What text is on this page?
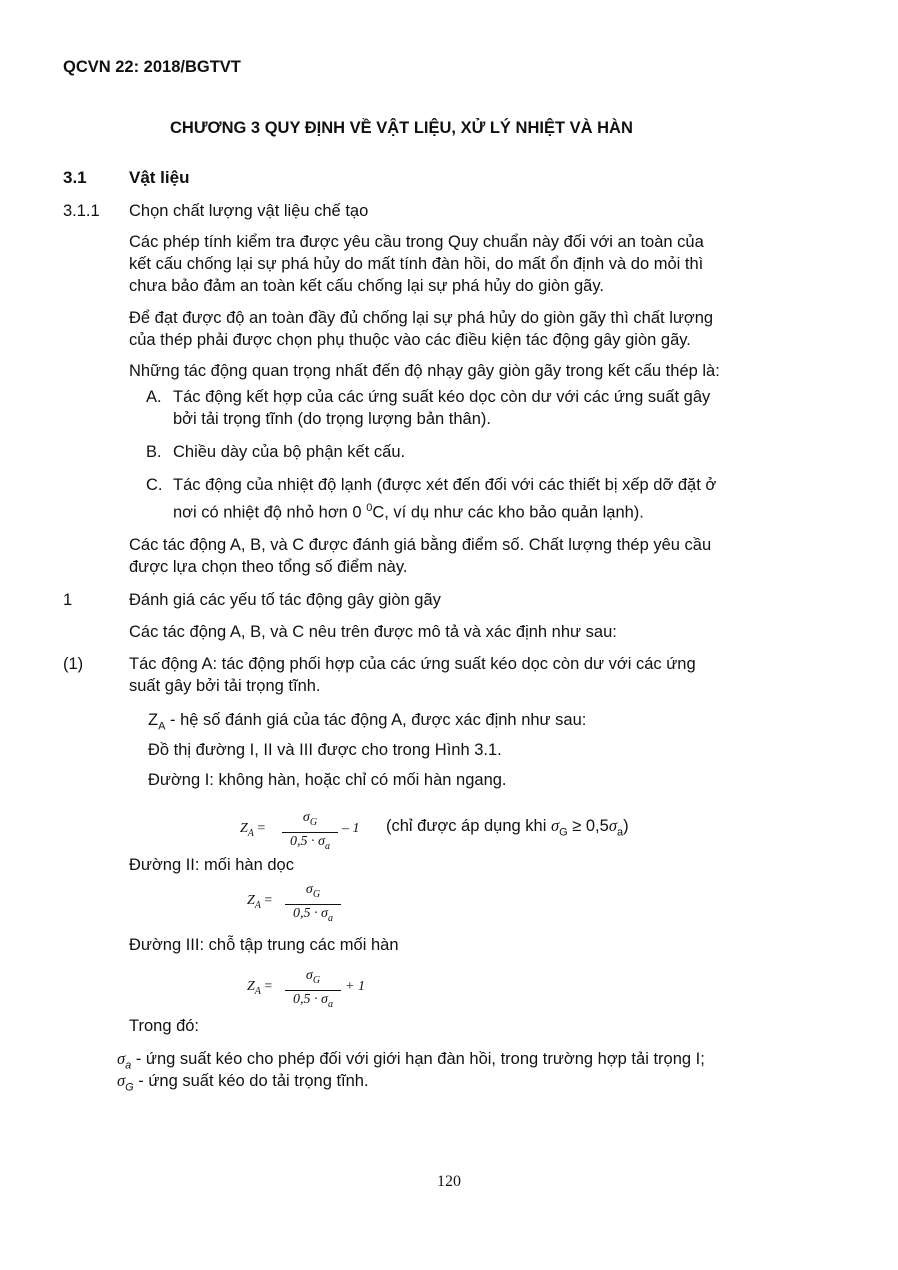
QCVN 22: 2018/BGTVT
CHƯƠNG 3 QUY ĐỊNH VỀ VẬT LIỆU, XỬ LÝ NHIỆT VÀ HÀN
3.1 Vật liệu
3.1.1 Chọn chất lượng vật liệu chế tạo
Các phép tính kiểm tra được yêu cầu trong Quy chuẩn này đối với an toàn của
kết cấu chống lại sự phá hủy do mất tính đàn hồi, do mất ổn định và do mỏi thì
chưa bảo đảm an toàn kết cấu chống lại sự phá hủy do giòn gãy.
Để đạt được độ an toàn đầy đủ chống lại sự phá hủy do giòn gãy thì chất lượng
của thép phải được chọn phụ thuộc vào các điều kiện tác động gây giòn gãy.
Những tác động quan trọng nhất đến độ nhạy gây giòn gãy trong kết cấu thép là:
A. Tác động kết hợp của các ứng suất kéo dọc còn dư với các ứng suất gây
bởi tải trọng tĩnh (do trọng lượng bản thân).
B. Chiều dày của bộ phận kết cấu.
C. Tác động của nhiệt độ lạnh (được xét đến đối với các thiết bị xếp dỡ đặt ở
nơi có nhiệt độ nhỏ hơn 0 $^0$C, ví dụ như các kho bảo quản lạnh).
Các tác động A, B, và C được đánh giá bằng điểm số. Chất lượng thép yêu cầu
được lựa chọn theo tổng số điểm này.
1	Đánh giá các yếu tố tác động gây giòn gãy
Các tác động A, B, và C nêu trên được mô tả và xác định như sau:
(1)	Tác động A: tác động phối hợp của các ứng suất kéo dọc còn dư với các ứng
suất gây bởi tải trọng tĩnh.
$Z_A$ - hệ số đánh giá của tác động A, được xác định như sau:
Đồ thị đường I, II và III được cho trong Hình 3.1.
Đường I: không hàn, hoặc chỉ có mối hàn ngang.
$Z_A$ =
$\sigma_G$
$0,5 \cdot \sigma_a$
– 1 (chỉ được áp dụng khi $\sigma_G \ge 0,5\sigma_a$)
Đường II: mối hàn dọc
$Z_A$ =
$\sigma_G$
$0,5 \cdot \sigma_a$
Đường III: chỗ tập trung các mối hàn
$Z_A$ =
$\sigma_G$
$0,5 \cdot \sigma_a$
+ 1
Trong đó:
$\sigma_a$ - ứng suất kéo cho phép đối với giới hạn đàn hồi, trong trường hợp tải trọng I;
$\sigma_G$ - ứng suất kéo do tải trọng tĩnh.
120
